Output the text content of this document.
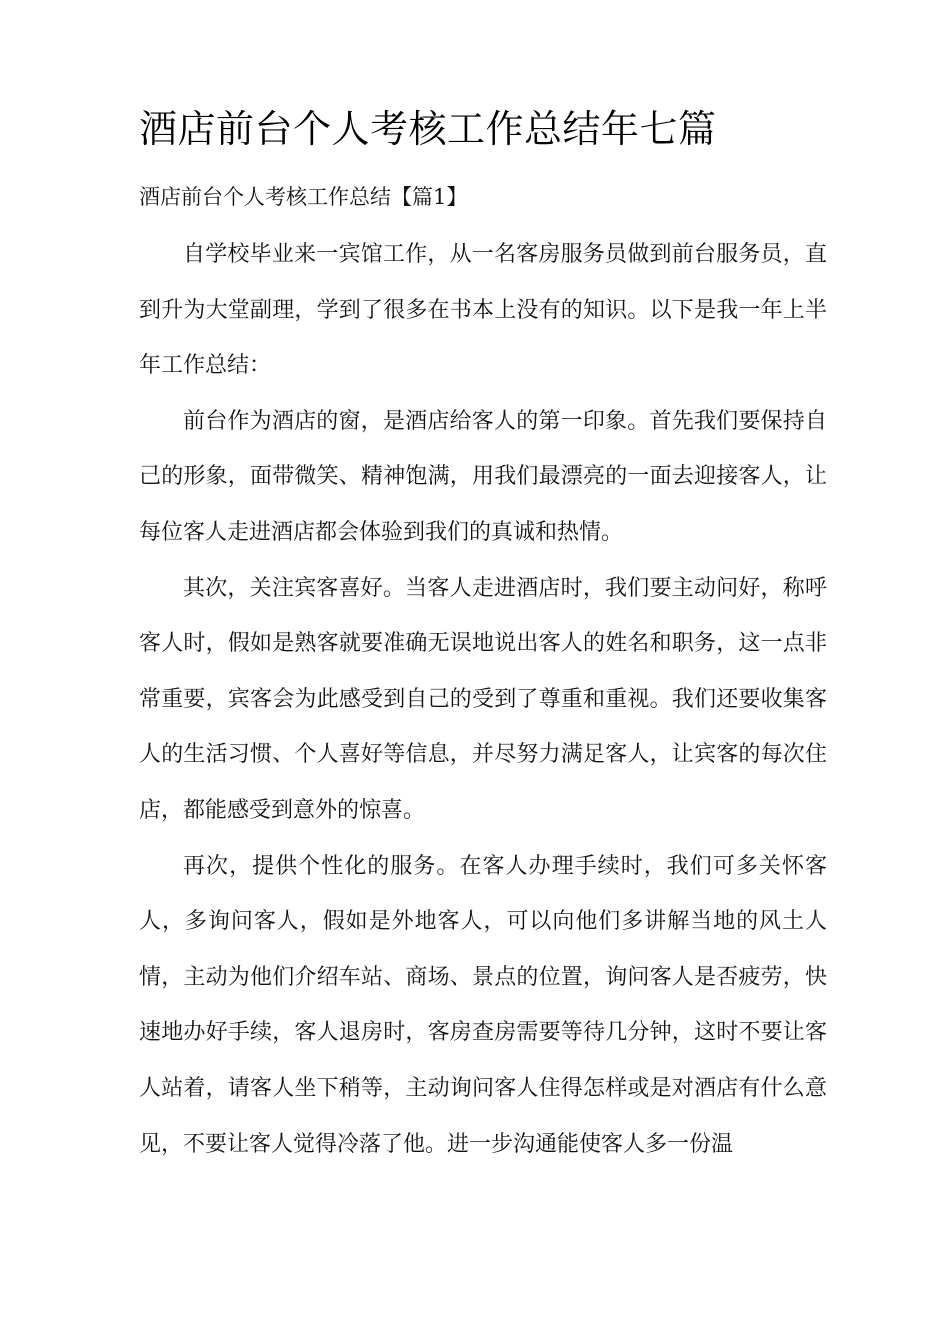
酒店前台个人考核工作总结年七篇
酒店前台个人考核工作总结【篇1】

自学校毕业来一宾馆工作，从一名客房服务员做到前台服务员，直到升为大堂副理，学到了很多在书本上没有的知识。以下是我一年上半年工作总结：

前台作为酒店的窗，是酒店给客人的第一印象。首先我们要保持自己的形象，面带微笑、精神饱满，用我们最漂亮的一面去迎接客人，让每位客人走进酒店都会体验到我们的真诚和热情。

其次，关注宾客喜好。当客人走进酒店时，我们要主动问好，称呼客人时，假如是熟客就要准确无误地说出客人的姓名和职务，这一点非常重要，宾客会为此感受到自己的受到了尊重和重视。我们还要收集客人的生活习惯、个人喜好等信息，并尽努力满足客人，让宾客的每次住店，都能感受到意外的惊喜。

再次，提供个性化的服务。在客人办理手续时，我们可多关怀客人，多询问客人，假如是外地客人，可以向他们多讲解当地的风土人情，主动为他们介绍车站、商场、景点的位置，询问客人是否疲劳，快速地办好手续，客人退房时，客房查房需要等待几分钟，这时不要让客人站着，请客人坐下稍等，主动询问客人住得怎样或是对酒店有什么意见，不要让客人觉得冷落了他。进一步沟通能使客人多一份温
